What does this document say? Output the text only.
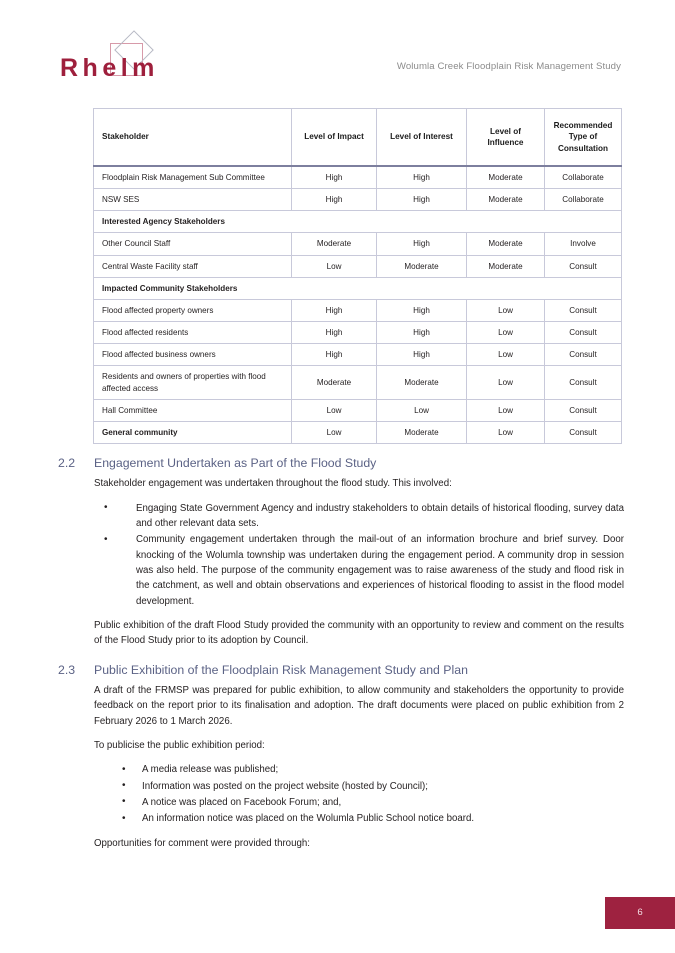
Rhelm	Wolumla Creek Floodplain Risk Management Study
Stakeholder	Level of Impact	Level of Interest	Level of Influence	Recommended Type of Consultation
Floodplain Risk Management Sub Committee	High	High	Moderate	Collaborate
NSW SES	High	High	Moderate	Collaborate
Interested Agency Stakeholders				
Other Council Staff	Moderate	High	Moderate	Involve
Central Waste Facility staff	Low	Moderate	Moderate	Consult
Impacted Community Stakeholders				
Flood affected property owners	High	High	Low	Consult
Flood affected residents	High	High	Low	Consult
Flood affected business owners	High	High	Low	Consult
Residents and owners of properties with flood affected access	Moderate	Moderate	Low	Consult
Hall Committee	Low	Low	Low	Consult
General community	Low	Moderate	Low	Consult
2.2 Engagement Undertaken as Part of the Flood Study

Stakeholder engagement was undertaken throughout the flood study. This involved:

• Engaging State Government Agency and industry stakeholders to obtain details of historical flooding, survey data and other relevant data sets.
• Community engagement undertaken through the mail-out of an information brochure and brief survey. Door knocking of the Wolumla township was undertaken during the engagement period. A community drop in session was also held. The purpose of the community engagement was to raise awareness of the study and flood risk in the catchment, as well and obtain observations and experiences of historical flooding to assist in the flood model development.

Public exhibition of the draft Flood Study provided the community with an opportunity to review and comment on the results of the Flood Study prior to its adoption by Council.

2.3 Public Exhibition of the Floodplain Risk Management Study and Plan

A draft of the FRMSP was prepared for public exhibition, to allow community and stakeholders the opportunity to provide feedback on the report prior to its finalisation and adoption. The draft documents were placed on public exhibition from 2 February 2026 to 1 March 2026.

To publicise the public exhibition period:

• A media release was published;
• Information was posted on the project website (hosted by Council);
• A notice was placed on Facebook Forum; and,
• An information notice was placed on the Wolumla Public School notice board.

Opportunities for comment were provided through:

6
